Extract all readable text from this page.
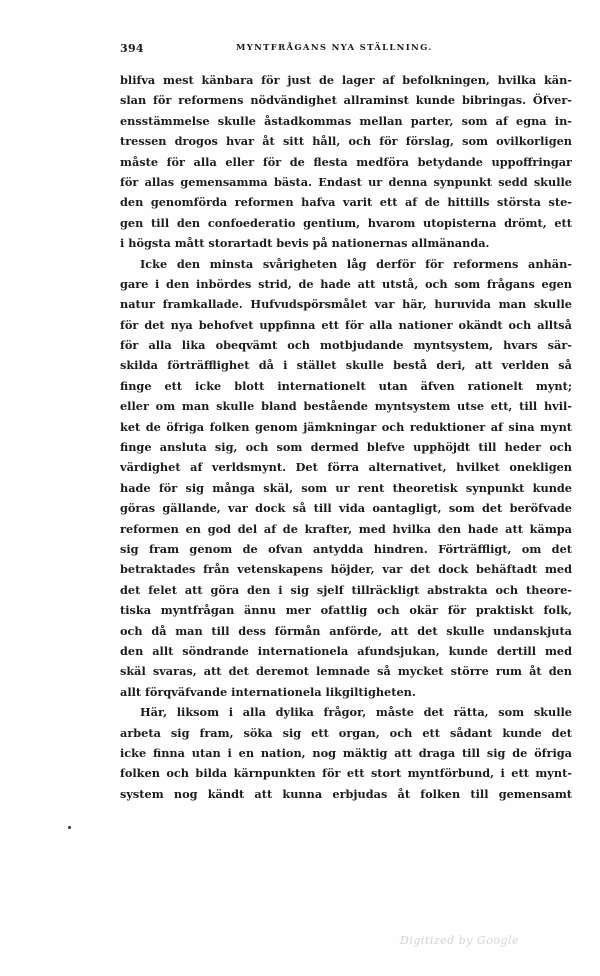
394	MYNTFRÅGANS NYA STÄLLNING.
blifva mest känbara för just de lager af befolkningen, hvilka kän-
slan för reformens nödvändighet allraminst kunde bibringas. Öfver-
ensstämmelse skulle åstadkommas mellan parter, som af egna in-
tressen drogos hvar åt sitt håll, och för förslag, som ovilkorligen
måste för alla eller för de flesta medföra betydande uppoffringar
för allas gemensamma bästa. Endast ur denna synpunkt sedd skulle
den genomförda reformen hafva varit ett af de hittills största ste-
gen till den confoederatio gentium, hvarom utopisterna drömt, ett
i högsta mått storartadt bevis på nationernas allmänanda.
Icke den minsta svårigheten låg derför för reformens anhän-
gare i den inbördes strid, de hade att utstå, och som frågans egen
natur framkallade. Hufvudspörsmålet var här, huruvida man skulle
för det nya behofvet uppfinna ett för alla nationer okändt och alltså
för alla lika obeqvämt och motbjudande myntsystem, hvars sär-
skilda förträfflighet då i stället skulle bestå deri, att verlden så
finge ett icke blott internationelt utan äfven rationelt mynt;
eller om man skulle bland bestående myntsystem utse ett, till hvil-
ket de öfriga folken genom jämkningar och reduktioner af sina mynt
finge ansluta sig, och som dermed blefve upphöjdt till heder och
värdighet af verldsmynt. Det förra alternativet, hvilket onekligen
hade för sig många skäl, som ur rent theoretisk synpunkt kunde
göras gällande, var dock så till vida oantagligt, som det beröfvade
reformen en god del af de krafter, med hvilka den hade att kämpa
sig fram genom de ofvan antydda hindren. Förträffligt, om det
betraktades från vetenskapens höjder, var det dock behäftadt med
det felet att göra den i sig sjelf tillräckligt abstrakta och theore-
tiska myntfrågan ännu mer ofattlig och okär för praktiskt folk,
och då man till dess förmån anförde, att det skulle undanskjuta
den allt söndrande internationela afundsjukan, kunde dertill med
skäl svaras, att det deremot lemnade så mycket större rum åt den
allt förqväfvande internationela likgiltigheten.
Här, liksom i alla dylika frågor, måste det rätta, som skulle
arbeta sig fram, söka sig ett organ, och ett sådant kunde det
icke finna utan i en nation, nog mäktig att draga till sig de öfriga
folken och bilda kärnpunkten för ett stort myntförbund, i ett mynt-
system nog kändt att kunna erbjudas åt folken till gemensamt
Digitized by Google
